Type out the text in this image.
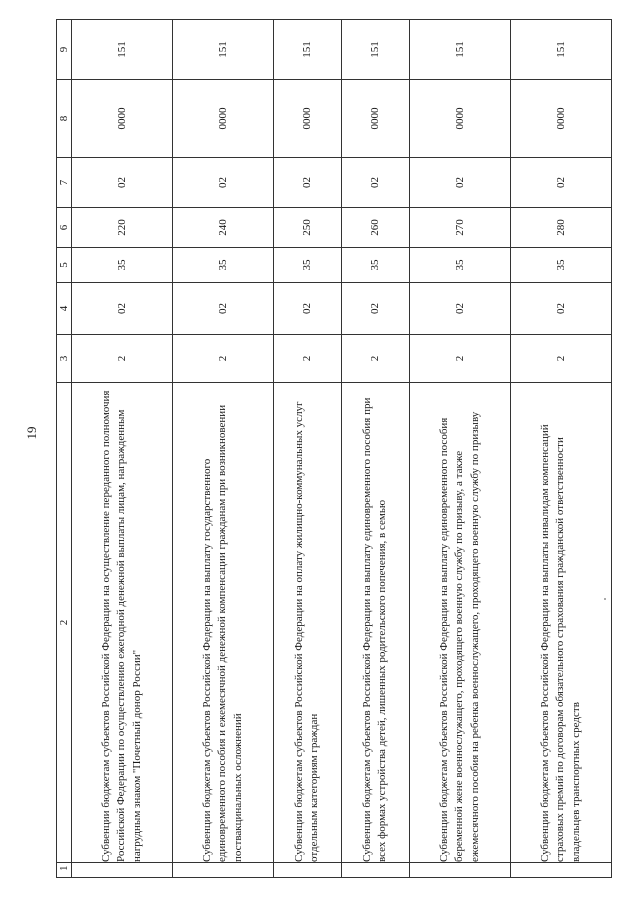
19
1	2	3	4	5	6	7	8	9
	Субвенции бюджетам субъектов Российской Федерации на осуществление переданного полномочия Российской Федерации по осуществлению ежегодной денежной выплаты лицам, награжденным нагрудным знаком "Почетный донор России"	2	02	35	220	02	0000	151
	Субвенции бюджетам субъектов Российской Федерации на выплату государственного единовременного пособия и ежемесячной денежной компенсации гражданам при возникновении поствакцинальных осложнений	2	02	35	240	02	0000	151
	Субвенции бюджетам субъектов Российской Федерации на оплату жилищно-коммунальных услуг отдельным категориям граждан	2	02	35	250	02	0000	151
	Субвенции бюджетам субъектов Российской Федерации на выплату единовременного пособия при всех формах устройства детей, лишенных родительского попечения, в семью	2	02	35	260	02	0000	151
	Субвенции бюджетам субъектов Российской Федерации на выплату единовременного пособия беременной жене военнослужащего, проходящего военную службу по призыву, а также ежемесячного пособия на ребенка военнослужащего, проходящего военную службу по призыву	2	02	35	270	02	0000	151
	Субвенции бюджетам субъектов Российской Федерации на выплаты инвалидам компенсаций страховых премий по договорам обязательного страхования гражданской ответственности владельцев транспортных средств	2	02	35	280	02	0000	151
